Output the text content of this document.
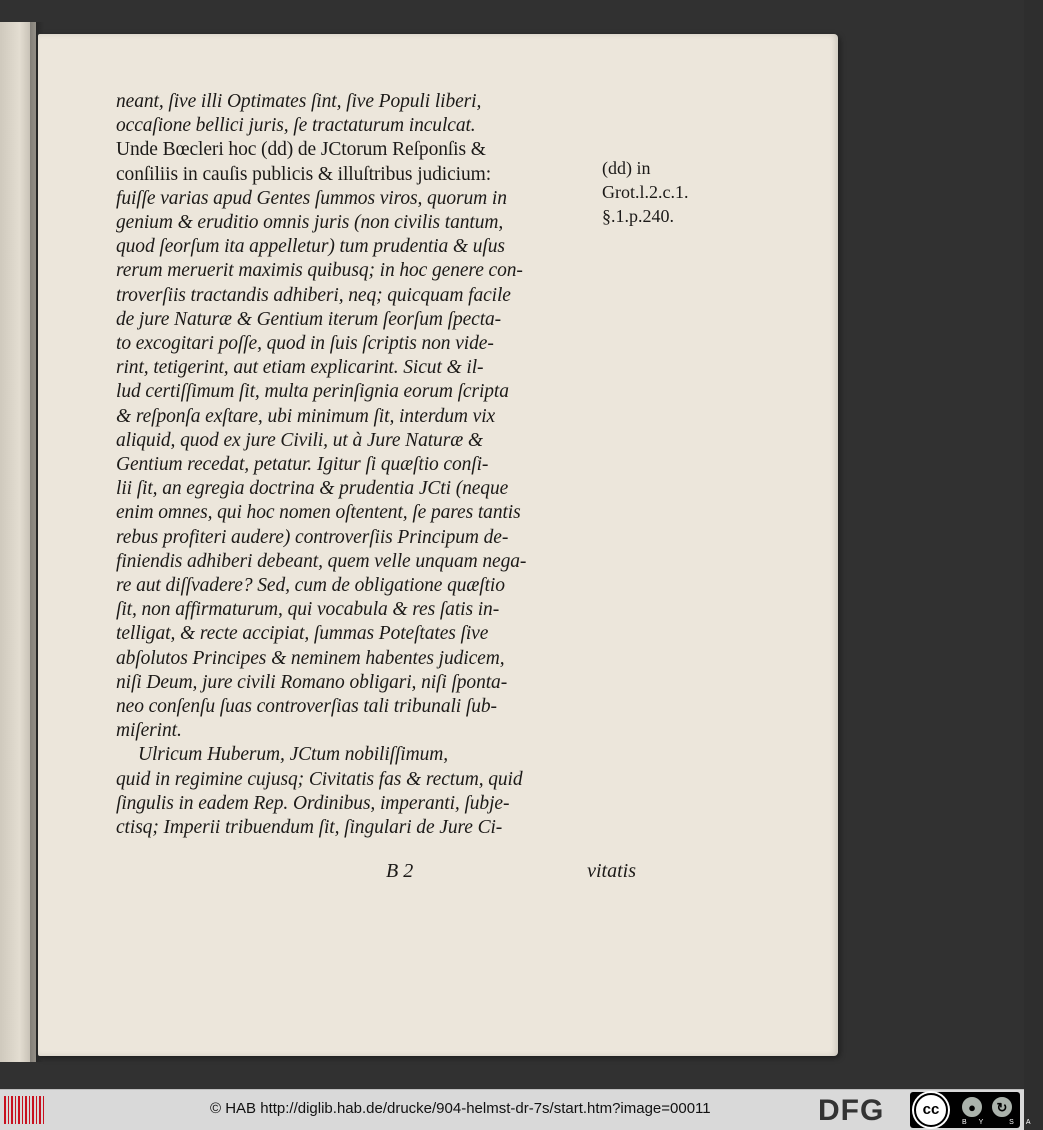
neant, ſive illi Optimates ſint, ſive Populi liberi,
occaſione bellici juris, ſe tractaturum inculcat.
Unde Bœcleri hoc (dd) de JCtorum Reſponſis &
conſiliis in cauſis publicis & illuſtribus judicium:
fuiſſe varias apud Gentes ſummos viros, quorum in
genium & eruditio omnis juris (non civilis tantum,
quod ſeorſum ita appelletur) tum prudentia & uſus
rerum meruerit maximis quibusq; in hoc genere con-
troverſiis tractandis adhiberi, neq; quicquam facile
de jure Naturæ & Gentium iterum ſeorſum ſpecta-
to excogitari poſſe, quod in ſuis ſcriptis non vide-
rint, tetigerint, aut etiam explicarint. Sicut & il-
lud certiſſimum ſit, multa perinſignia eorum ſcripta
& reſponſa exſtare, ubi minimum ſit, interdum vix
aliquid, quod ex jure Civili, ut à Jure Naturæ &
Gentium recedat, petatur. Igitur ſi quæſtio conſi-
lii ſit, an egregia doctrina & prudentia JCti (neque
enim omnes, qui hoc nomen oſtentent, ſe pares tantis
rebus profiteri audere) controverſiis Principum de-
finiendis adhiberi debeant, quem velle unquam nega-
re aut diſſvadere? Sed, cum de obligatione quæſtio
ſit, non affirmaturum, qui vocabula & res ſatis in-
telligat, & recte accipiat, ſummas Poteſtates ſive
abſolutos Principes & neminem habentes judicem,
niſi Deum, jure civili Romano obligari, niſi ſponta-
neo conſenſu ſuas controverſias tali tribunali ſub-
miſerint.
Ulricum Huberum, JCtum nobiliſſimum,
quid in regimine cujusq; Civitatis fas & rectum, quid
ſingulis in eadem Rep. Ordinibus, imperanti, ſubje-
ctisq; Imperii tribuendum ſit, ſingulari de Jure Ci-
(dd) in
Grot.l.2.c.1.
§.1.p.240.
B 2	vitatis
© HAB http://diglib.hab.de/drucke/904-helmst-dr-7s/start.htm?image=00011	DFG	cc	●	↻
BY SA
